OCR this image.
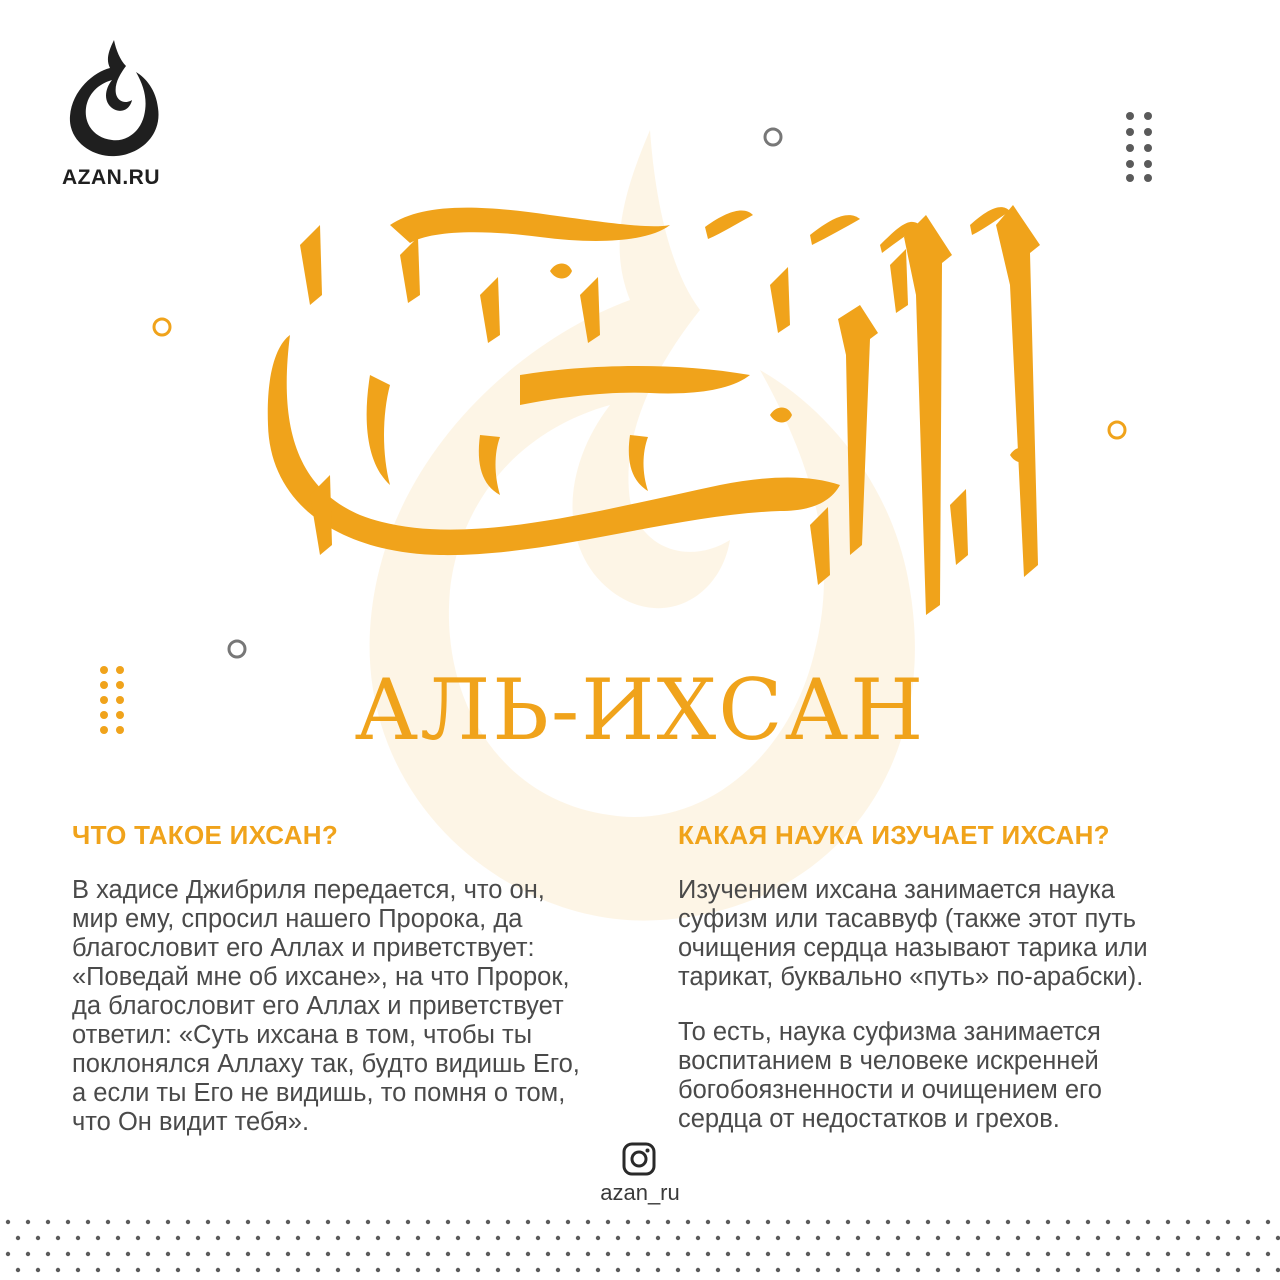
AZAN.RU
АЛЬ-ИХСАН
ЧТО ТАКОЕ ИХСАН?
В хадисе Джибриля передается, что он,
мир ему, спросил нашего Пророка, да
благословит его Аллах и приветствует:
«Поведай мне об ихсане», на что Пророк,
да благословит его Аллах и приветствует
ответил: «Суть ихсана в том, чтобы ты
поклонялся Аллаху так, будто видишь Его,
а если ты Его не видишь, то помня о том,
что Он видит тебя».
КАКАЯ НАУКА ИЗУЧАЕТ ИХСАН?
Изучением ихсана занимается наука
суфизм или тасаввуф (также этот путь
очищения сердца называют тарика или
тарикат, буквально «путь» по-арабски).
То есть, наука суфизма занимается
воспитанием в человеке искренней
богобоязненности и очищением его
сердца от недостатков и грехов.
azan_ru
